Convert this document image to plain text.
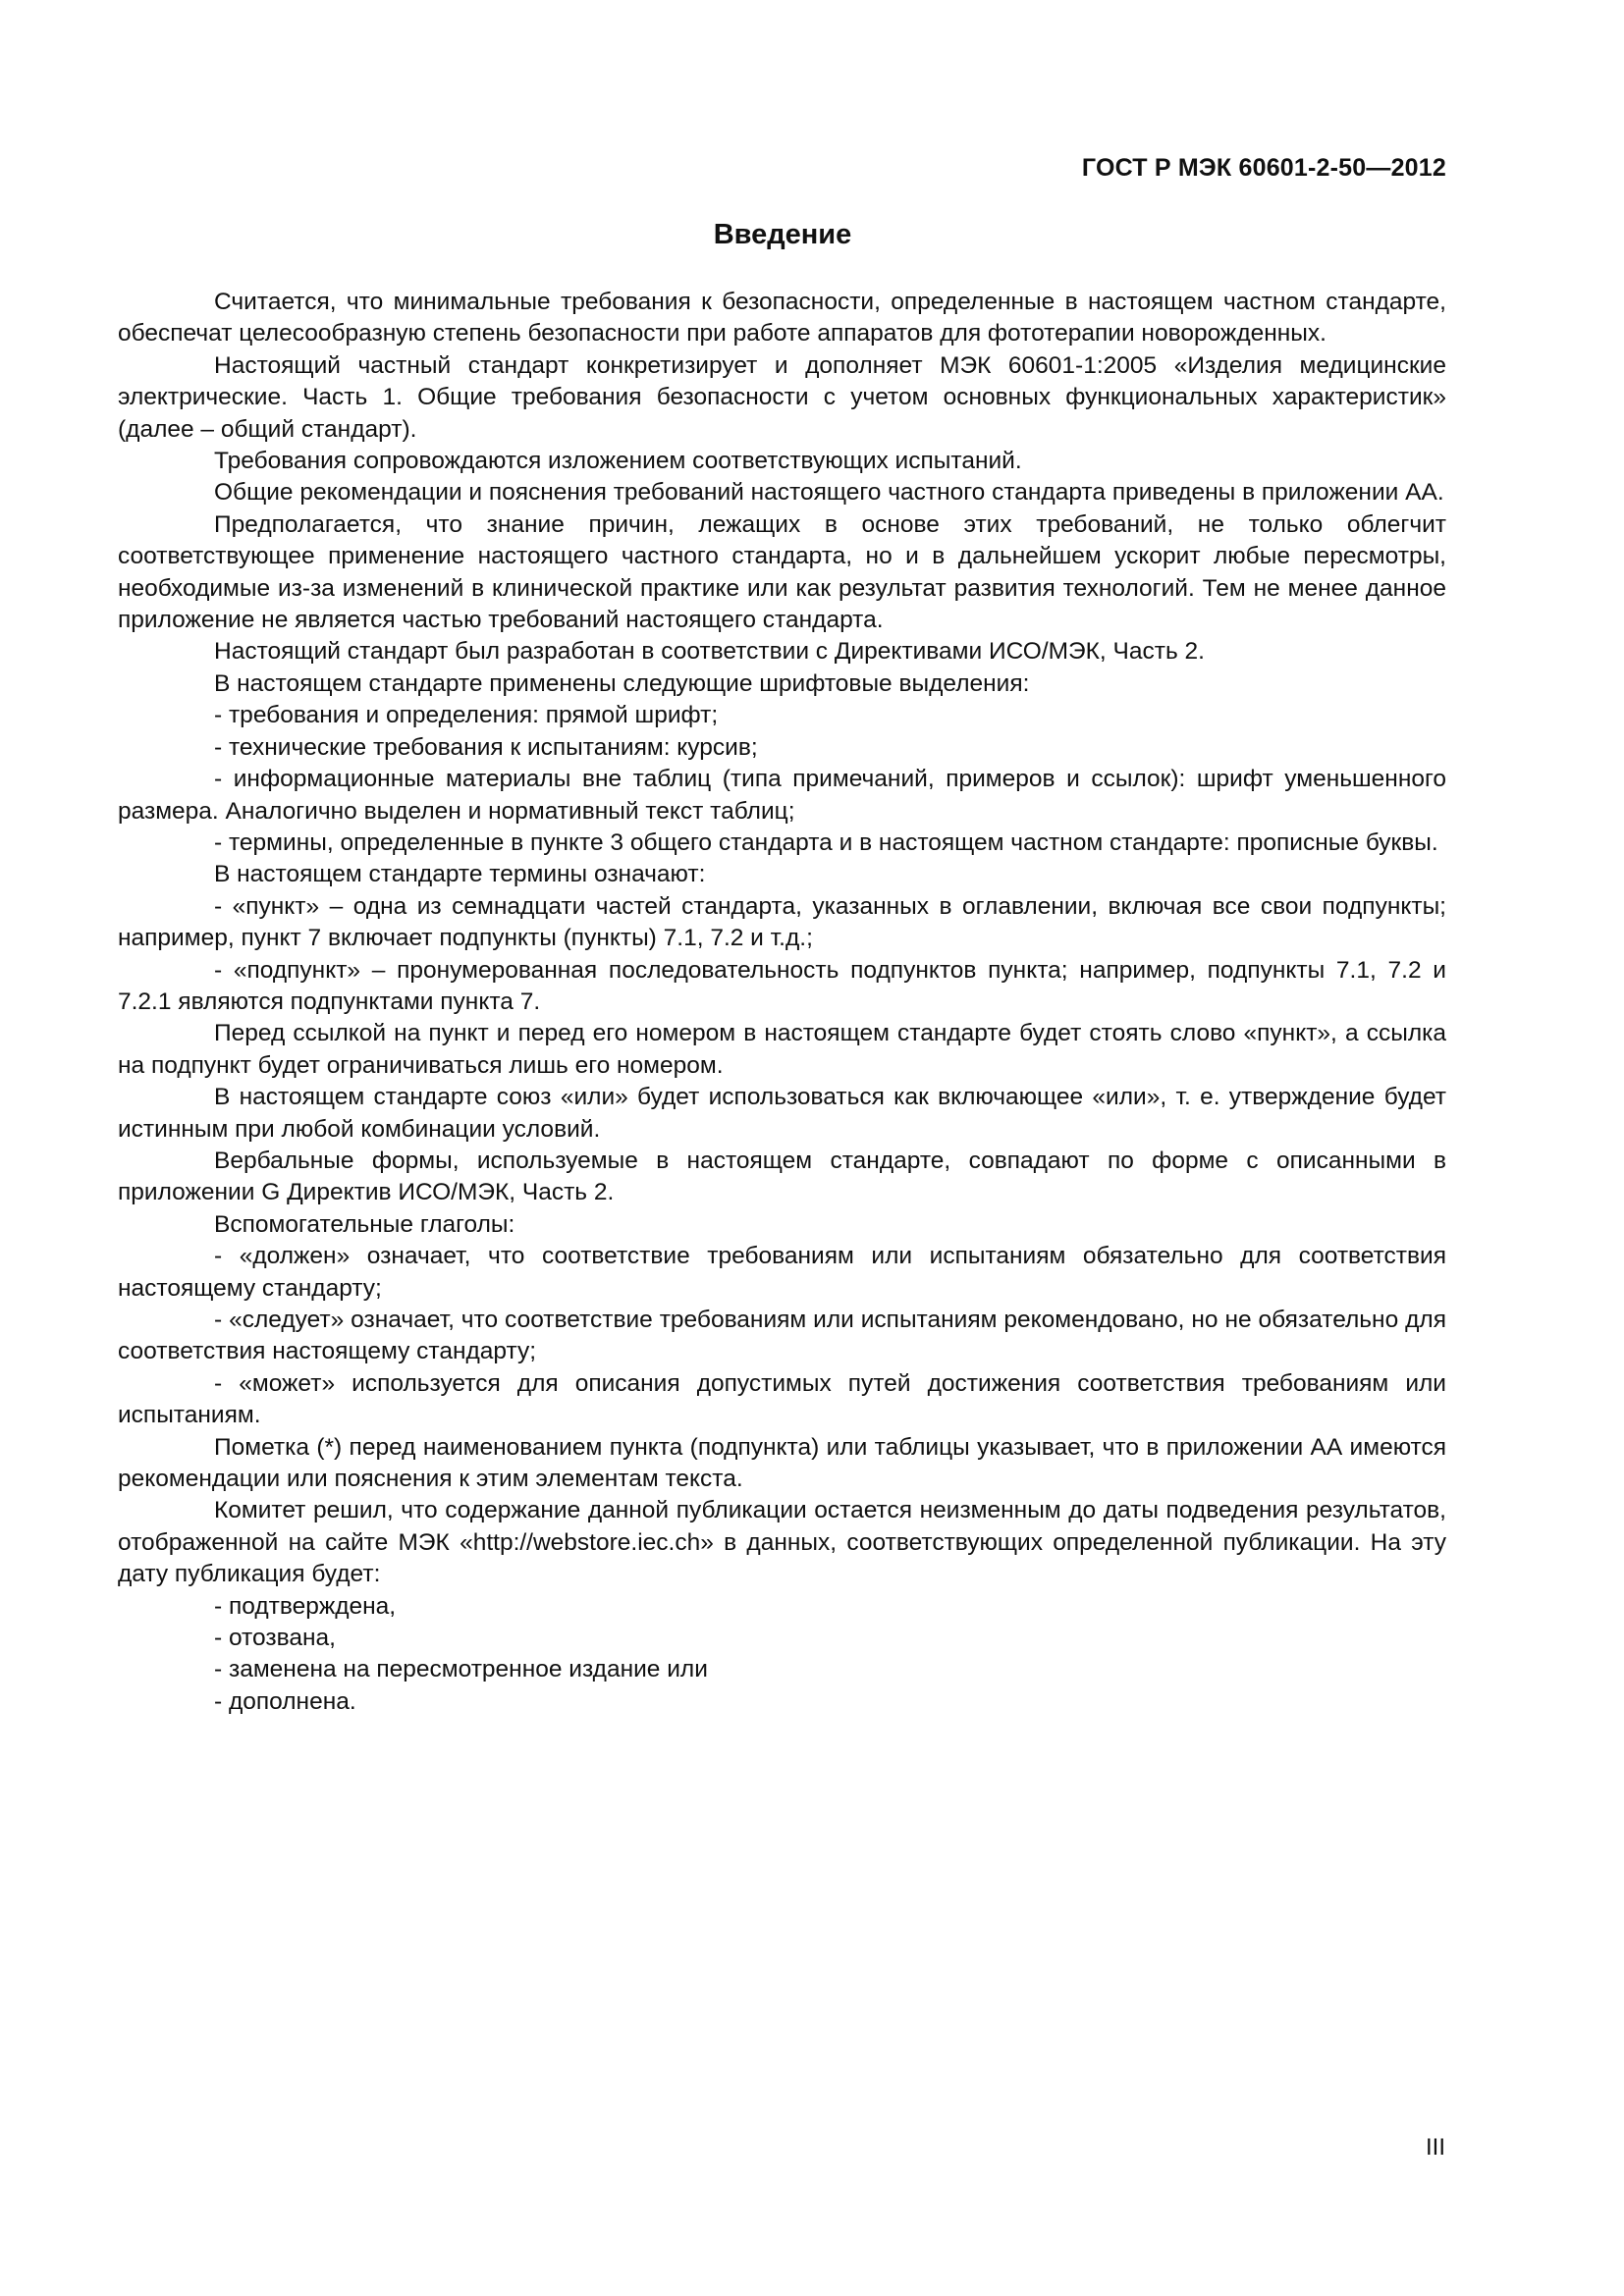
ГОСТ Р МЭК 60601-2-50—2012
Введение

Считается, что минимальные требования к безопасности, определенные в настоящем частном стандарте, обеспечат целесообразную степень безопасности при работе аппаратов для фототерапии новорожденных.

Настоящий частный стандарт конкретизирует и дополняет МЭК 60601-1:2005 «Изделия медицинские электрические. Часть 1. Общие требования безопасности с учетом основных функциональных характеристик» (далее – общий стандарт).

Требования сопровождаются изложением соответствующих испытаний.

Общие рекомендации и пояснения требований настоящего частного стандарта приведены в приложении АА.

Предполагается, что знание причин, лежащих в основе этих требований, не только облегчит соответствующее применение настоящего частного стандарта, но и в дальнейшем ускорит любые пересмотры, необходимые из-за изменений в клинической практике или как результат развития технологий. Тем не менее данное приложение не является частью требований настоящего стандарта.

Настоящий стандарт был разработан в соответствии с Директивами ИСО/МЭК, Часть 2.

В настоящем стандарте применены следующие шрифтовые выделения:

- требования и определения: прямой шрифт;

- технические требования к испытаниям: курсив;

- информационные материалы вне таблиц (типа примечаний, примеров и ссылок): шрифт уменьшенного размера. Аналогично выделен и нормативный текст таблиц;

- термины, определенные в пункте 3 общего стандарта и в настоящем частном стандарте: прописные буквы.

В настоящем стандарте термины означают:

- «пункт» – одна из семнадцати частей стандарта, указанных в оглавлении, включая все свои подпункты; например, пункт 7 включает подпункты (пункты) 7.1, 7.2 и т.д.;

- «подпункт» – пронумерованная последовательность подпунктов пункта; например, подпункты 7.1, 7.2 и 7.2.1 являются подпунктами пункта 7.

Перед ссылкой на пункт и перед его номером в настоящем стандарте будет стоять слово «пункт», а ссылка на подпункт будет ограничиваться лишь его номером.

В настоящем стандарте союз «или» будет использоваться как включающее «или», т. е. утверждение будет истинным при любой комбинации условий.

Вербальные формы, используемые в настоящем стандарте, совпадают по форме с описанными в приложении G Директив ИСО/МЭК, Часть 2.

Вспомогательные глаголы:

- «должен» означает, что соответствие требованиям или испытаниям обязательно для соответствия настоящему стандарту;

- «следует» означает, что соответствие требованиям или испытаниям рекомендовано, но не обязательно для соответствия настоящему стандарту;

- «может» используется для описания допустимых путей достижения соответствия требованиям или испытаниям.

Пометка (*) перед наименованием пункта (подпункта) или таблицы указывает, что в приложении АА имеются рекомендации или пояснения к этим элементам текста.

Комитет решил, что содержание данной публикации остается неизменным до даты подведения результатов, отображенной на сайте МЭК «http://webstore.iec.ch» в данных, соответствующих определенной публикации. На эту дату публикация будет:

- подтверждена,

- отозвана,

- заменена на пересмотренное издание или

- дополнена.

III
